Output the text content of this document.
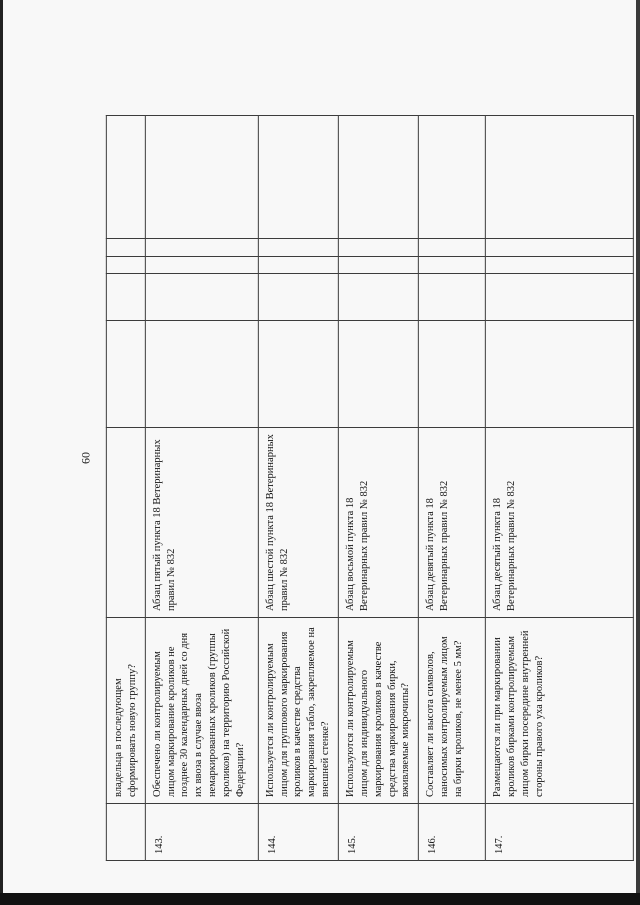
60
	владельца в последующем сформировать новую группу?						

143.	Обеспечено ли контролируемым лицом маркирование кроликов не позднее 30 календарных дней со дня их ввоза в случае ввоза немаркированных кроликов (группы кроликов) на территорию Российской Федерации?	Абзац пятый пункта 18 Ветеринарных правил № 832					

144.	Используется ли контролируемым лицом для группового маркирования кроликов в качестве средства маркирования табло, закрепляемое на внешней стенке?	Абзац шестой пункта 18 Ветеринарных правил № 832					

145.	Используются ли контролируемым лицом для индивидуального маркирования кроликов в качестве средства маркирования бирки, вживляемые микрочипы?	Абзац восьмой пункта 18 Ветеринарных правил № 832					

146.	Составляет ли высота символов, наносимых контролируемым лицом на бирки кроликов, не менее 5 мм?	Абзац девятый пункта 18 Ветеринарных правил № 832					

147.	Размещаются ли при маркировании кроликов бирками контролируемым лицом бирки посередине внутренней стороны правого уха кроликов?	Абзац десятый пункта 18 Ветеринарных правил № 832					
